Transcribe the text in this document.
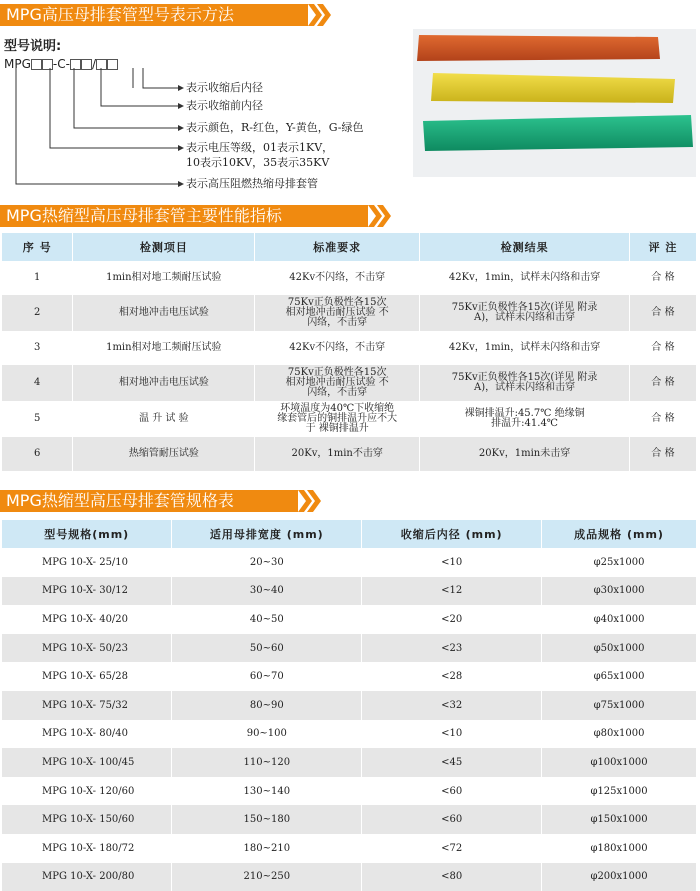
MPG高压母排套管型号表示方法
型号说明:
MPG -C- /
表示收缩后内径
表示收缩前内径
表示颜色，R-红色，Y-黄色，G-绿色
表示电压等级，01表示1KV，
10表示10KV，35表示35KV
表示高压阻燃热缩母排套管
MPG热缩型高压母排套管主要性能指标
序 号	检测项目	标准要求	检测结果	评 注
1	1min相对地工频耐压试验	42Kv不闪络，不击穿	42Kv，1min，试样未闪络和击穿	合 格
2	相对地冲击电压试验	75Kv正负极性各15次 相对地冲击耐压试验 不闪络，不击穿	75Kv正负极性各15次(详见 附录A)，试样未闪络和击穿	合 格
3	1min相对地工频耐压试验	42Kv不闪络，不击穿	42Kv，1min，试样未闪络和击穿	合 格
4	相对地冲击电压试验	75Kv正负极性各15次 相对地冲击耐压试验 不闪络，不击穿	75Kv正负极性各15次(详见 附录A)，试样未闪络和击穿	合 格
5	温 升 试 验	环境温度为40℃下收缩绝 缘套管后的铜排温升应不大于 裸铜排温升	裸铜排温升:45.7℃ 绝缘铜排温升:41.4℃	合 格
6	热缩管耐压试验	20Kv，1min不击穿	20Kv，1min未击穿	合 格
MPG热缩型高压母排套管规格表
型号规格(mm)	适用母排宽度 (mm)	收缩后内径 (mm)	成品规格 (mm)
MPG 10-X- 25/10	20~30	<10	φ25x1000
MPG 10-X- 30/12	30~40	<12	φ30x1000
MPG 10-X- 40/20	40~50	<20	φ40x1000
MPG 10-X- 50/23	50~60	<23	φ50x1000
MPG 10-X- 65/28	60~70	<28	φ65x1000
MPG 10-X- 75/32	80~90	<32	φ75x1000
MPG 10-X- 80/40	90~100	<10	φ80x1000
MPG 10-X- 100/45	110~120	<45	φ100x1000
MPG 10-X- 120/60	130~140	<60	φ125x1000
MPG 10-X- 150/60	150~180	<60	φ150x1000
MPG 10-X- 180/72	180~210	<72	φ180x1000
MPG 10-X- 200/80	210~250	<80	φ200x1000
